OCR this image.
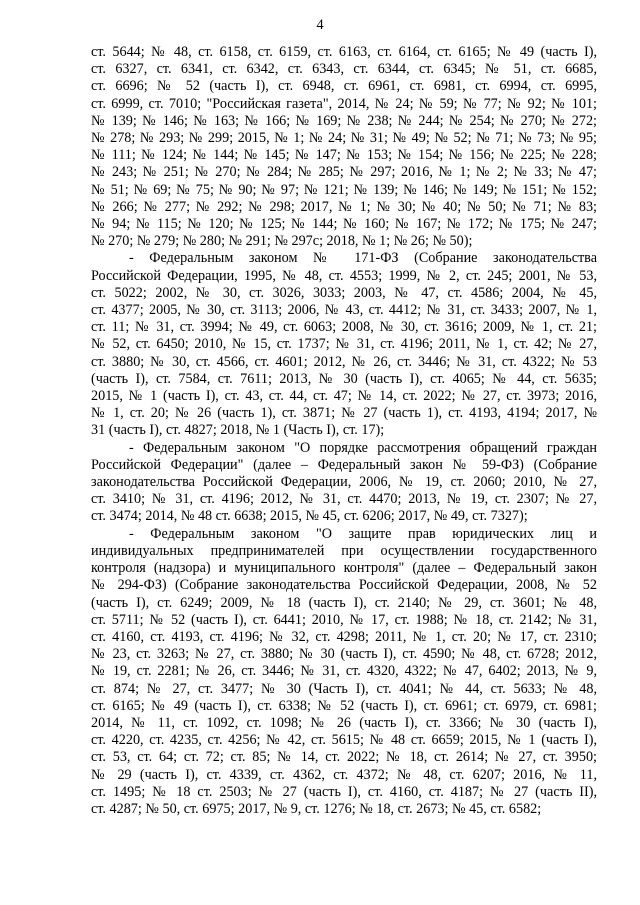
4

ст. 5644; № 48, ст. 6158, ст. 6159, ст. 6163, ст. 6164, ст. 6165; № 49 (часть I),
ст. 6327, ст. 6341, ст. 6342, ст. 6343, ст. 6344, ст. 6345; № 51, ст. 6685,
ст. 6696; № 52 (часть I), ст. 6948, ст. 6961, ст. 6981, ст. 6994, ст. 6995,
ст. 6999, ст. 7010; "Российская газета", 2014, № 24; № 59; № 77; № 92; № 101;
№ 139; № 146; № 163; № 166; № 169; № 238; № 244; № 254; № 270; № 272;
№ 278; № 293; № 299; 2015, № 1; № 24; № 31; № 49; № 52; № 71; № 73; № 95;
№ 111; № 124; № 144; № 145; № 147; № 153; № 154; № 156; № 225; № 228;
№ 243; № 251; № 270; № 284; № 285; № 297; 2016, № 1; № 2; № 33; № 47;
№ 51; № 69; № 75; № 90; № 97; № 121; № 139; № 146; № 149; № 151; № 152;
№ 266; № 277; № 292; № 298; 2017, № 1; № 30; № 40; № 50; № 71; № 83;
№ 94; № 115; № 120; № 125; № 144; № 160; № 167; № 172; № 175; № 247;
№ 270; № 279; № 280; № 291; № 297с; 2018, № 1; № 26; № 50);

- Федеральным законом № 171-ФЗ (Собрание законодательства
Российской Федерации, 1995, № 48, ст. 4553; 1999, № 2, ст. 245; 2001, № 53,
ст. 5022; 2002, № 30, ст. 3026, 3033; 2003, № 47, ст. 4586; 2004, № 45,
ст. 4377; 2005, № 30, ст. 3113; 2006, № 43, ст. 4412; № 31, ст. 3433; 2007, № 1,
ст. 11; № 31, ст. 3994; № 49, ст. 6063; 2008, № 30, ст. 3616; 2009, № 1, ст. 21;
№ 52, ст. 6450; 2010, № 15, ст. 1737; № 31, ст. 4196; 2011, № 1, ст. 42; № 27,
ст. 3880; № 30, ст. 4566, ст. 4601; 2012, № 26, ст. 3446; № 31, ст. 4322; № 53
(часть I), ст. 7584, ст. 7611; 2013, № 30 (часть I), ст. 4065; № 44, ст. 5635;
2015, № 1 (часть I), ст. 43, ст. 44, ст. 47; № 14, ст. 2022; № 27, ст. 3973; 2016,
№ 1, ст. 20; № 26 (часть 1), ст. 3871; № 27 (часть 1), ст. 4193, 4194; 2017, №
31 (часть I), ст. 4827; 2018, № 1 (Часть I), ст. 17);

- Федеральным законом "О порядке рассмотрения обращений граждан
Российской Федерации" (далее – Федеральный закон № 59-ФЗ) (Собрание
законодательства Российской Федерации, 2006, № 19, ст. 2060; 2010, № 27,
ст. 3410; № 31, ст. 4196; 2012, № 31, ст. 4470; 2013, № 19, ст. 2307; № 27,
ст. 3474; 2014, № 48 ст. 6638; 2015, № 45, ст. 6206; 2017, № 49, ст. 7327);

- Федеральным законом "О защите прав юридических лиц и
индивидуальных предпринимателей при осуществлении государственного
контроля (надзора) и муниципального контроля" (далее – Федеральный закон
№ 294-ФЗ) (Собрание законодательства Российской Федерации, 2008, № 52
(часть I), ст. 6249; 2009, № 18 (часть I), ст. 2140; № 29, ст. 3601; № 48,
ст. 5711; № 52 (часть I), ст. 6441; 2010, № 17, ст. 1988; № 18, ст. 2142; № 31,
ст. 4160, ст. 4193, ст. 4196; № 32, ст. 4298; 2011, № 1, ст. 20; № 17, ст. 2310;
№ 23, ст. 3263; № 27, ст. 3880; № 30 (часть I), ст. 4590; № 48, ст. 6728; 2012,
№ 19, ст. 2281; № 26, ст. 3446; № 31, ст. 4320, 4322; № 47, 6402; 2013, № 9,
ст. 874; № 27, ст. 3477; № 30 (Часть I), ст. 4041; № 44, ст. 5633; № 48,
ст. 6165; № 49 (часть I), ст. 6338; № 52 (часть I), ст. 6961; ст. 6979, ст. 6981;
2014, № 11, ст. 1092, ст. 1098; № 26 (часть I), ст. 3366; № 30 (часть I),
ст. 4220, ст. 4235, ст. 4256; № 42, ст. 5615; № 48 ст. 6659; 2015, № 1 (часть I),
ст. 53, ст. 64; ст. 72; ст. 85; № 14, ст. 2022; № 18, ст. 2614; № 27, ст. 3950;
№ 29 (часть I), ст. 4339, ст. 4362, ст. 4372; № 48, ст. 6207; 2016, № 11,
ст. 1495; № 18 ст. 2503; № 27 (часть I), ст. 4160, ст. 4187; № 27 (часть II),
ст. 4287; № 50, ст. 6975; 2017, № 9, ст. 1276; № 18, ст. 2673; № 45, ст. 6582;
